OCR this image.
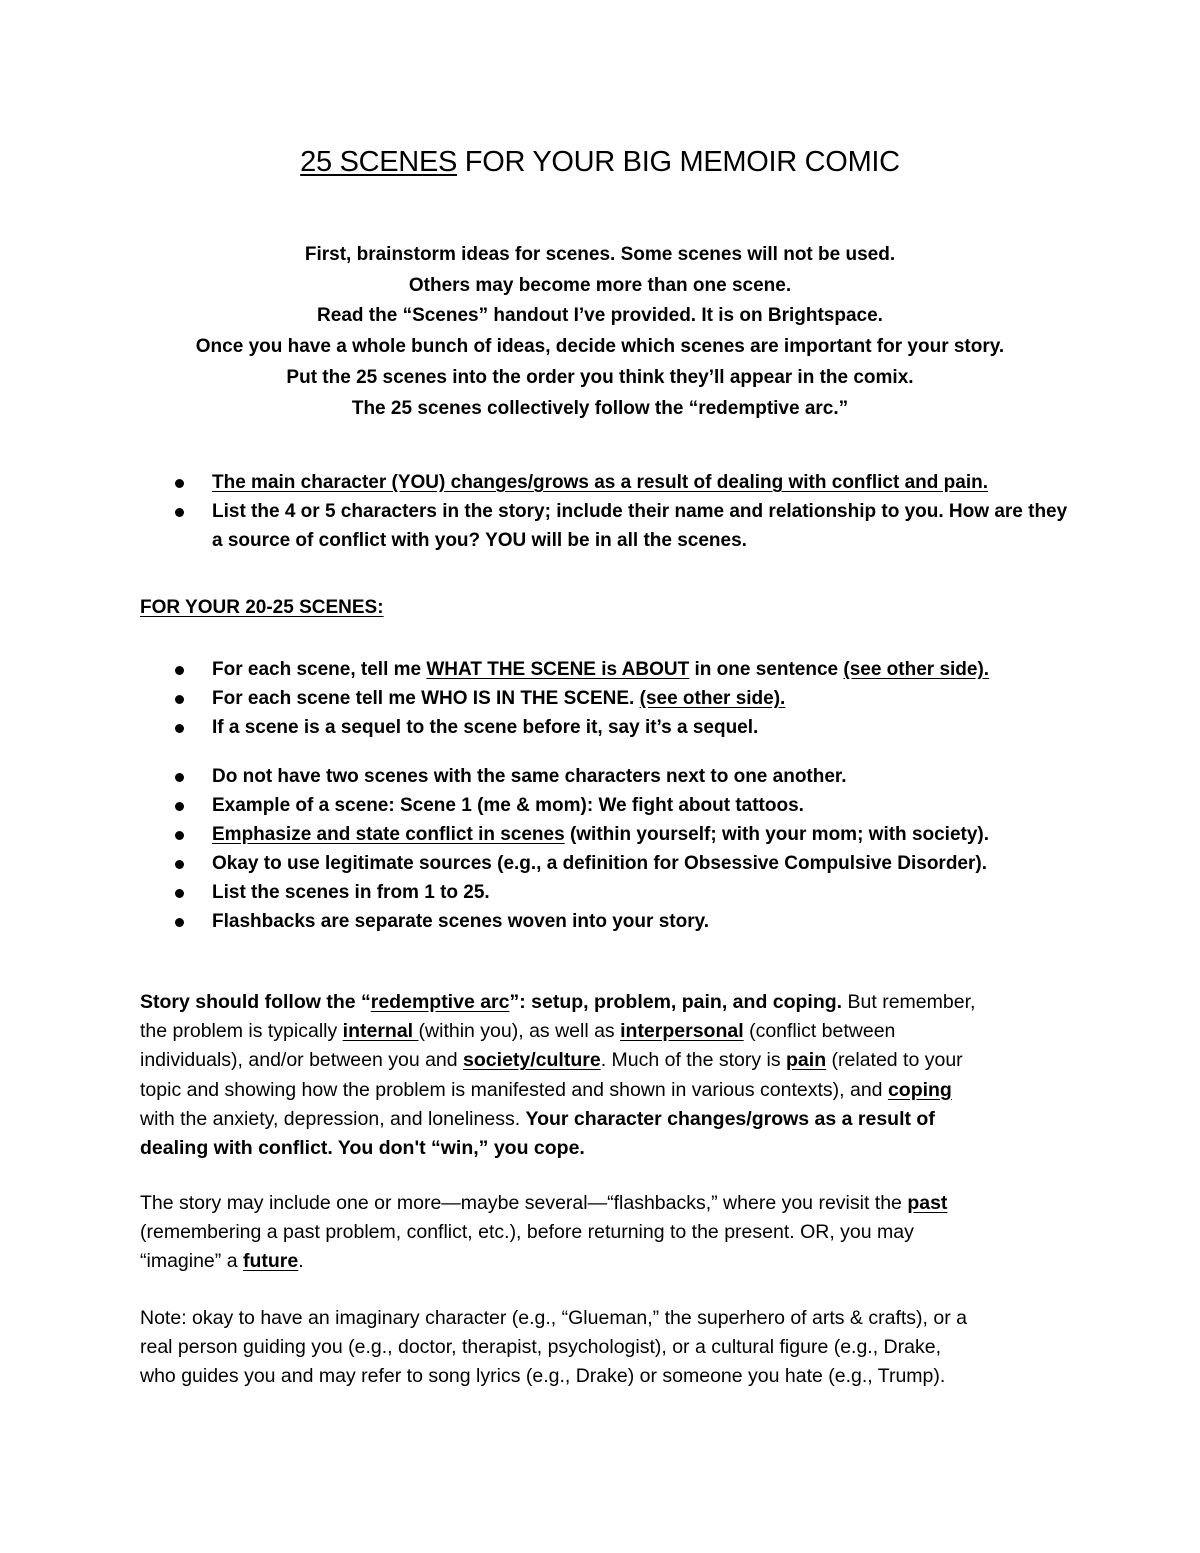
25 SCENES FOR YOUR BIG MEMOIR COMIC
First, brainstorm ideas for scenes. Some scenes will not be used.
Others may become more than one scene.
Read the “Scenes” handout I’ve provided. It is on Brightspace.
Once you have a whole bunch of ideas, decide which scenes are important for your story.
Put the 25 scenes into the order you think they’ll appear in the comix.
The 25 scenes collectively follow the “redemptive arc.”
The main character (YOU) changes/grows as a result of dealing with conflict and pain.
List the 4 or 5 characters in the story; include their name and relationship to you. How are they a source of conflict with you? YOU will be in all the scenes.
FOR YOUR 20-25 SCENES:
For each scene, tell me WHAT THE SCENE is ABOUT in one sentence (see other side).
For each scene tell me WHO IS IN THE SCENE. (see other side).
If a scene is a sequel to the scene before it, say it’s a sequel.
Do not have two scenes with the same characters next to one another.
Example of a scene: Scene 1 (me & mom): We fight about tattoos.
Emphasize and state conflict in scenes (within yourself; with your mom; with society).
Okay to use legitimate sources (e.g., a definition for Obsessive Compulsive Disorder).
List the scenes in from 1 to 25.
Flashbacks are separate scenes woven into your story.
Story should follow the “redemptive arc”: setup, problem, pain, and coping. But remember,
the problem is typically internal (within you), as well as interpersonal (conflict between
individuals), and/or between you and society/culture. Much of the story is pain (related to your
topic and showing how the problem is manifested and shown in various contexts), and coping
with the anxiety, depression, and loneliness. Your character changes/grows as a result of
dealing with conflict. You don't “win,” you cope.
The story may include one or more—maybe several—“flashbacks,” where you revisit the past
(remembering a past problem, conflict, etc.), before returning to the present. OR, you may
“imagine” a future.
Note: okay to have an imaginary character (e.g., “Glueman,” the superhero of arts & crafts), or a
real person guiding you (e.g., doctor, therapist, psychologist), or a cultural figure (e.g., Drake,
who guides you and may refer to song lyrics (e.g., Drake) or someone you hate (e.g., Trump).
